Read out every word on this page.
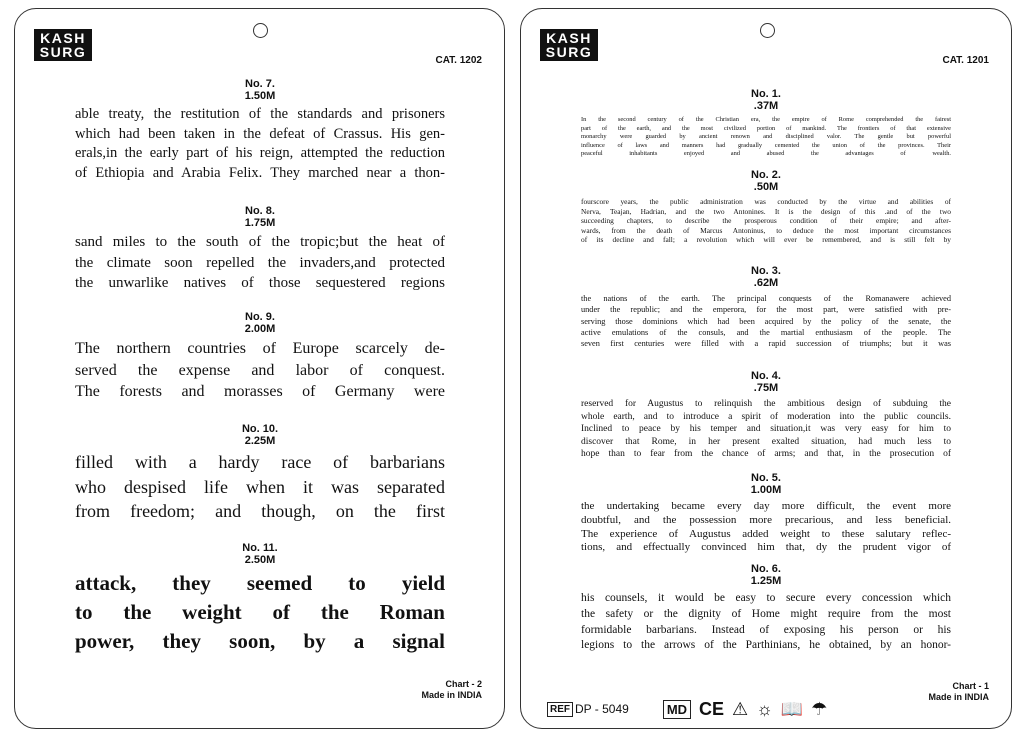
KASH
SURG
CAT. 1202
No. 7.
1.50M

able treaty, the restitution of the standards and prisoners

which had been taken in the defeat of Crassus. His gen-

erals,in the early part of his reign, attempted the reduction

of Ethiopia and Arabia Felix. They marched near a thon-

No. 8.
1.75M

sand miles to the south of the tropic;but the heat of

the climate soon repelled the invaders,and protected

the unwarlike natives of those sequestered regions

No. 9.
2.00M

The northern countries of Europe scarcely de-

served the expense and labor of conquest.

The forests and morasses of Germany were

No. 10.
2.25M

filled with a hardy race of barbarians

who despised life when it was separated

from freedom; and though, on the first

No. 11.
2.50M

attack, they seemed to yield

to the weight of the Roman

power, they soon, by a signal

Chart - 2
Made in INDIA
KASH
SURG
CAT. 1201
No. 1.
.37M

In the second century of the Christian era, the empire of Rome comprehended the fairest

part of the earth, and the most civilized portion of mankind. The frontiers of that extensive

monarchy were guarded by ancient renown and disciplined valor. The gentle but powerful

influence of laws and manners had gradually cemented the union of the provinces. Their

peaceful inhabitants enjoyed and abused the advantages of wealth.

No. 2.
.50M

fourscore years, the public administration was conducted by the virtue and abilities of

Nerva, Teajan, Hadrian, and the two Antonines. It is the design of this .and of the two

succeeding chapters, to describe the prosperous condition of their empire; and after-

wards, from the death of Marcus Antoninus, to deduce the most important circumstances

of its decline and fall; a revolution which will ever be remembered, and is still felt by

No. 3.
.62M

the nations of the earth. The principal conquests of the Romanawere achieved

under the republic; and the emperora, for the most part, were satisfied with pre-

serving those dominions which had been acquired by the policy of the senate, the

active emulations of the consuls, and the martial enthusiasm of the people. The

seven first centuries were filled with a rapid succession of triumphs; but it was

No. 4.
.75M

reserved for Augustus to relinquish the ambitious design of subduing the

whole earth, and to introduce a spirit of moderation into the public councils.

Inclined to peace by his temper and situation,it was very easy for him to

discover that Rome, in her present exalted situation, had much less to

hope than to fear from the chance of arms; and that, in the prosecution of

No. 5.
1.00M

the undertaking became every day more difficult, the event more

doubtful, and the possession more precarious, and less beneficial.

The experience of Augustus added weight to these salutary reflec-

tions, and effectually convinced him that, dy the prudent vigor of

No. 6.
1.25M

his counsels, it would be easy to secure every concession which

the safety or the dignity of Home might require from the most

formidable barbarians. Instead of exposing his person or his

legions to the arrows of the Parthinians, he obtained, by an honor-

REF DP - 5049	MD CE ⚠ ☼ 📖 ☂
Chart - 1
Made in INDIA
